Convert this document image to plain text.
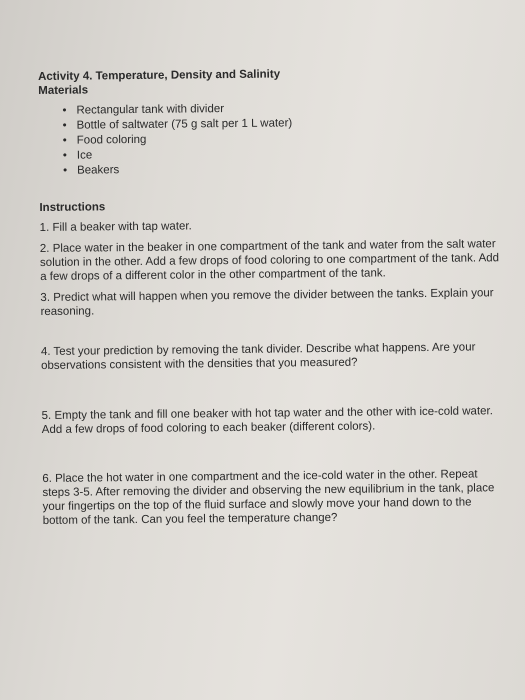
Activity 4. Temperature, Density and Salinity

Materials

• Rectangular tank with divider
• Bottle of saltwater (75 g salt per 1 L water)
• Food coloring
• Ice
• Beakers

Instructions

1. Fill a beaker with tap water.

2. Place water in the beaker in one compartment of the tank and water from the salt water solution in the other. Add a few drops of food coloring to one compartment of the tank. Add a few drops of a different color in the other compartment of the tank.

3. Predict what will happen when you remove the divider between the tanks. Explain your reasoning.

4. Test your prediction by removing the tank divider. Describe what happens. Are your observations consistent with the densities that you measured?

5. Empty the tank and fill one beaker with hot tap water and the other with ice-cold water. Add a few drops of food coloring to each beaker (different colors).

6. Place the hot water in one compartment and the ice-cold water in the other. Repeat steps 3-5. After removing the divider and observing the new equilibrium in the tank, place your fingertips on the top of the fluid surface and slowly move your hand down to the bottom of the tank. Can you feel the temperature change?
